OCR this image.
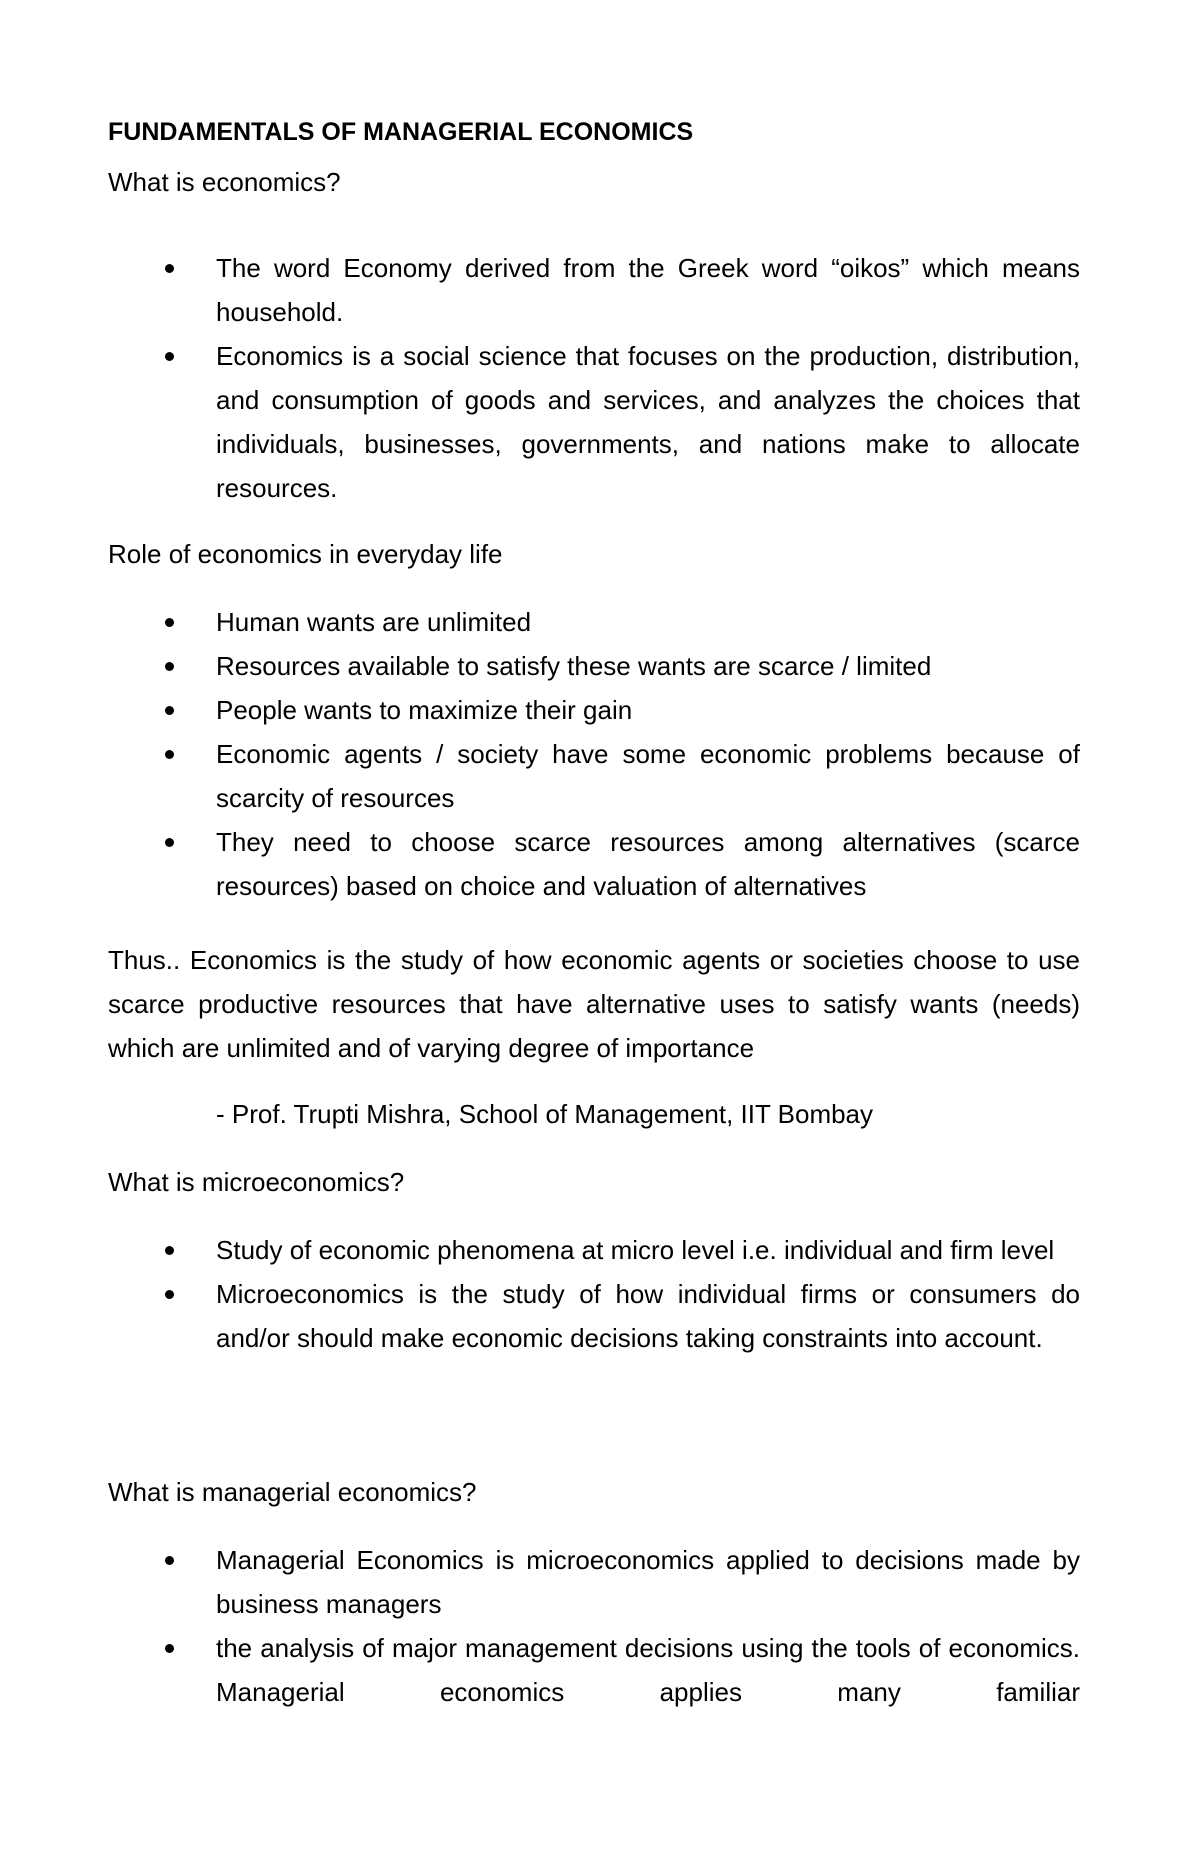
FUNDAMENTALS OF MANAGERIAL ECONOMICS
What is economics?
The word Economy derived from the Greek word “oikos” which means household.
Economics is a social science that focuses on the production, distribution, and consumption of goods and services, and analyzes the choices that individuals, businesses, governments, and nations make to allocate resources.
Role of economics in everyday life
Human wants are unlimited
Resources available to satisfy these wants are scarce / limited
People wants to maximize their gain
Economic agents / society have some economic problems because of scarcity of resources
They need to choose scarce resources among alternatives (scarce resources) based on choice and valuation of alternatives
Thus.. Economics is the study of how economic agents or societies choose to use scarce productive resources that have alternative uses to satisfy wants (needs) which are unlimited and of varying degree of importance
- Prof. Trupti Mishra, School of Management, IIT Bombay
What is microeconomics?
Study of economic phenomena at micro level i.e. individual and firm level
Microeconomics is the study of how individual firms or consumers do and/or should make economic decisions taking constraints into account.
What is managerial economics?
Managerial Economics is microeconomics applied to decisions made by business managers
the analysis of major management decisions using the tools of economics. Managerial economics applies many familiar
